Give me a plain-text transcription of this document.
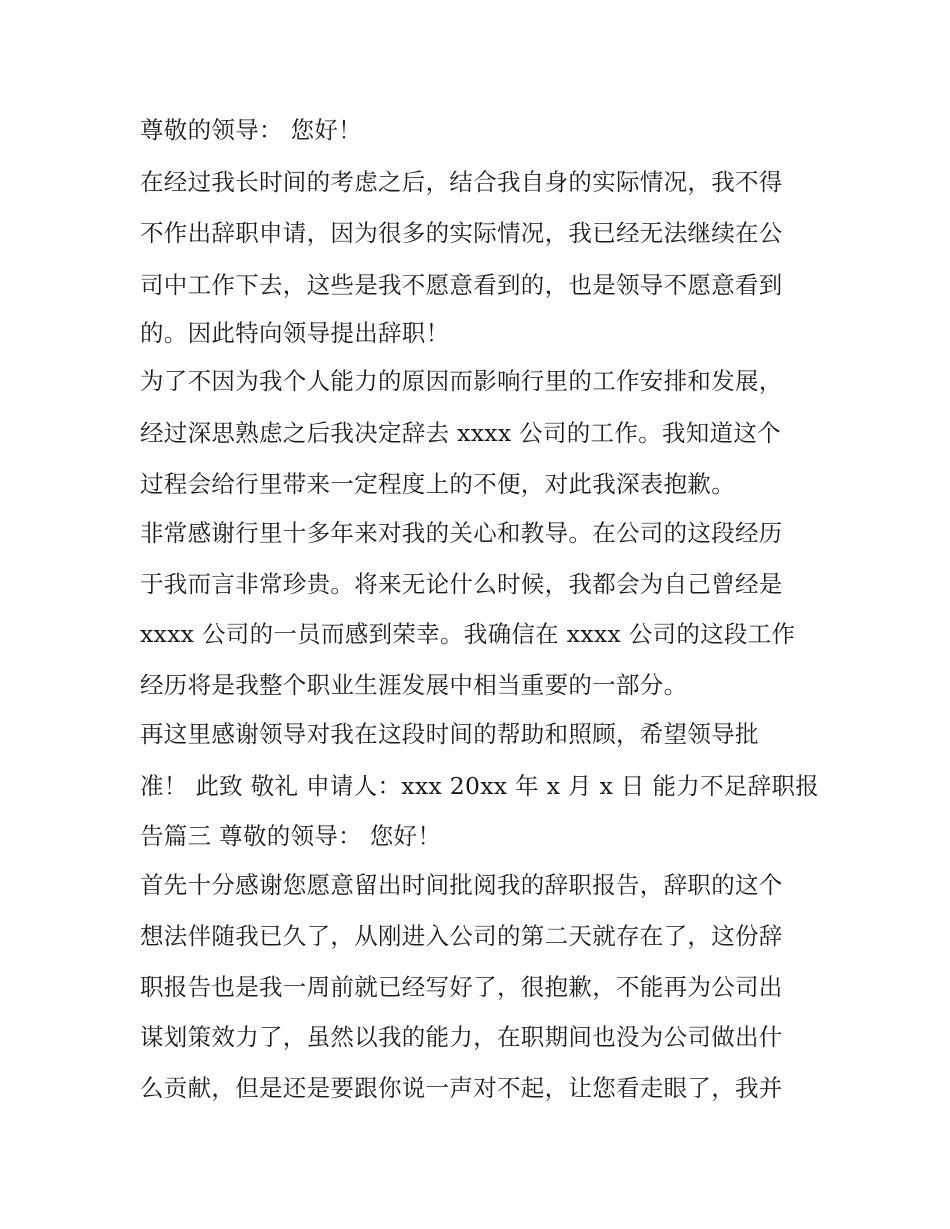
尊敬的领导： 您好！
在经过我长时间的考虑之后，结合我自身的实际情况，我不得
不作出辞职申请，因为很多的实际情况，我已经无法继续在公
司中工作下去，这些是我不愿意看到的，也是领导不愿意看到
的。因此特向领导提出辞职！
为了不因为我个人能力的原因而影响行里的工作安排和发展，
经过深思熟虑之后我决定辞去 xxxx 公司的工作。我知道这个
过程会给行里带来一定程度上的不便，对此我深表抱歉。
非常感谢行里十多年来对我的关心和教导。在公司的这段经历
于我而言非常珍贵。将来无论什么时候，我都会为自己曾经是
xxxx 公司的一员而感到荣幸。我确信在 xxxx 公司的这段工作
经历将是我整个职业生涯发展中相当重要的一部分。
再这里感谢领导对我在这段时间的帮助和照顾，希望领导批
准！ 此致 敬礼 申请人：xxx 20xx 年 x 月 x 日 能力不足辞职报
告篇三 尊敬的领导： 您好！
首先十分感谢您愿意留出时间批阅我的辞职报告，辞职的这个
想法伴随我已久了，从刚进入公司的第二天就存在了，这份辞
职报告也是我一周前就已经写好了，很抱歉，不能再为公司出
谋划策效力了，虽然以我的能力，在职期间也没为公司做出什
么贡献，但是还是要跟你说一声对不起，让您看走眼了，我并
